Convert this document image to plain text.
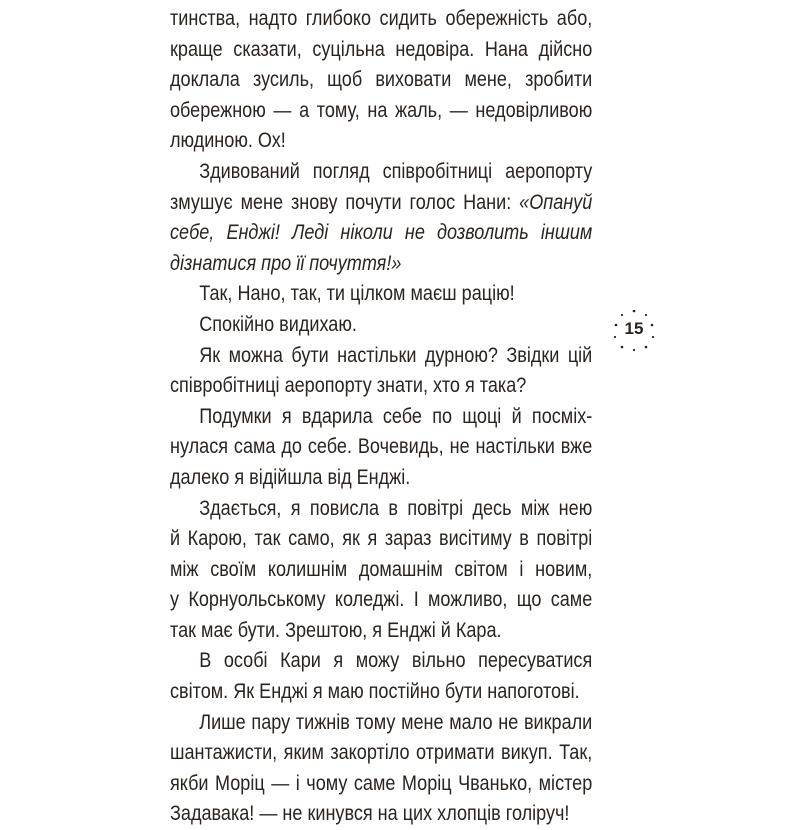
тинства, надто глибоко сидить обережність або,
краще сказати, суцільна недовіра. Нана дійсно
доклала зусиль, щоб виховати мене, зробити
обережною — а тому, на жаль, — недовірливою
людиною. Ох!
Здивований погляд співробітниці аеропорту
змушує мене знову почути голос Нани: «Опануй
себе, Енджі! Леді ніколи не дозволить іншим
дізнатися про її почуття!»
Так, Нано, так, ти цілком маєш рацію!
Спокійно видихаю.
Як можна бути настільки дурною? Звідки цій
співробітниці аеропорту знати, хто я така?
Подумки я вдарила себе по щоці й посміх-
нулася сама до себе. Вочевидь, не настільки вже
далеко я відійшла від Енджі.
Здається, я повисла в повітрі десь між нею
й Карою, так само, як я зараз висітиму в повітрі
між своїм колишнім домашнім світом і новим,
у Корнуольському коледжі. І можливо, що саме
так має бути. Зрештою, я Енджі й Кара.
В особі Кари я можу вільно пересуватися
світом. Як Енджі я маю постійно бути напоготові.
Лише пару тижнів тому мене мало не викрали
шантажисти, яким закортіло отримати викуп. Так,
якби Моріц — і чому саме Моріц Чванько, містер
Задавака! — не кинувся на цих хлопців голіруч!
15
